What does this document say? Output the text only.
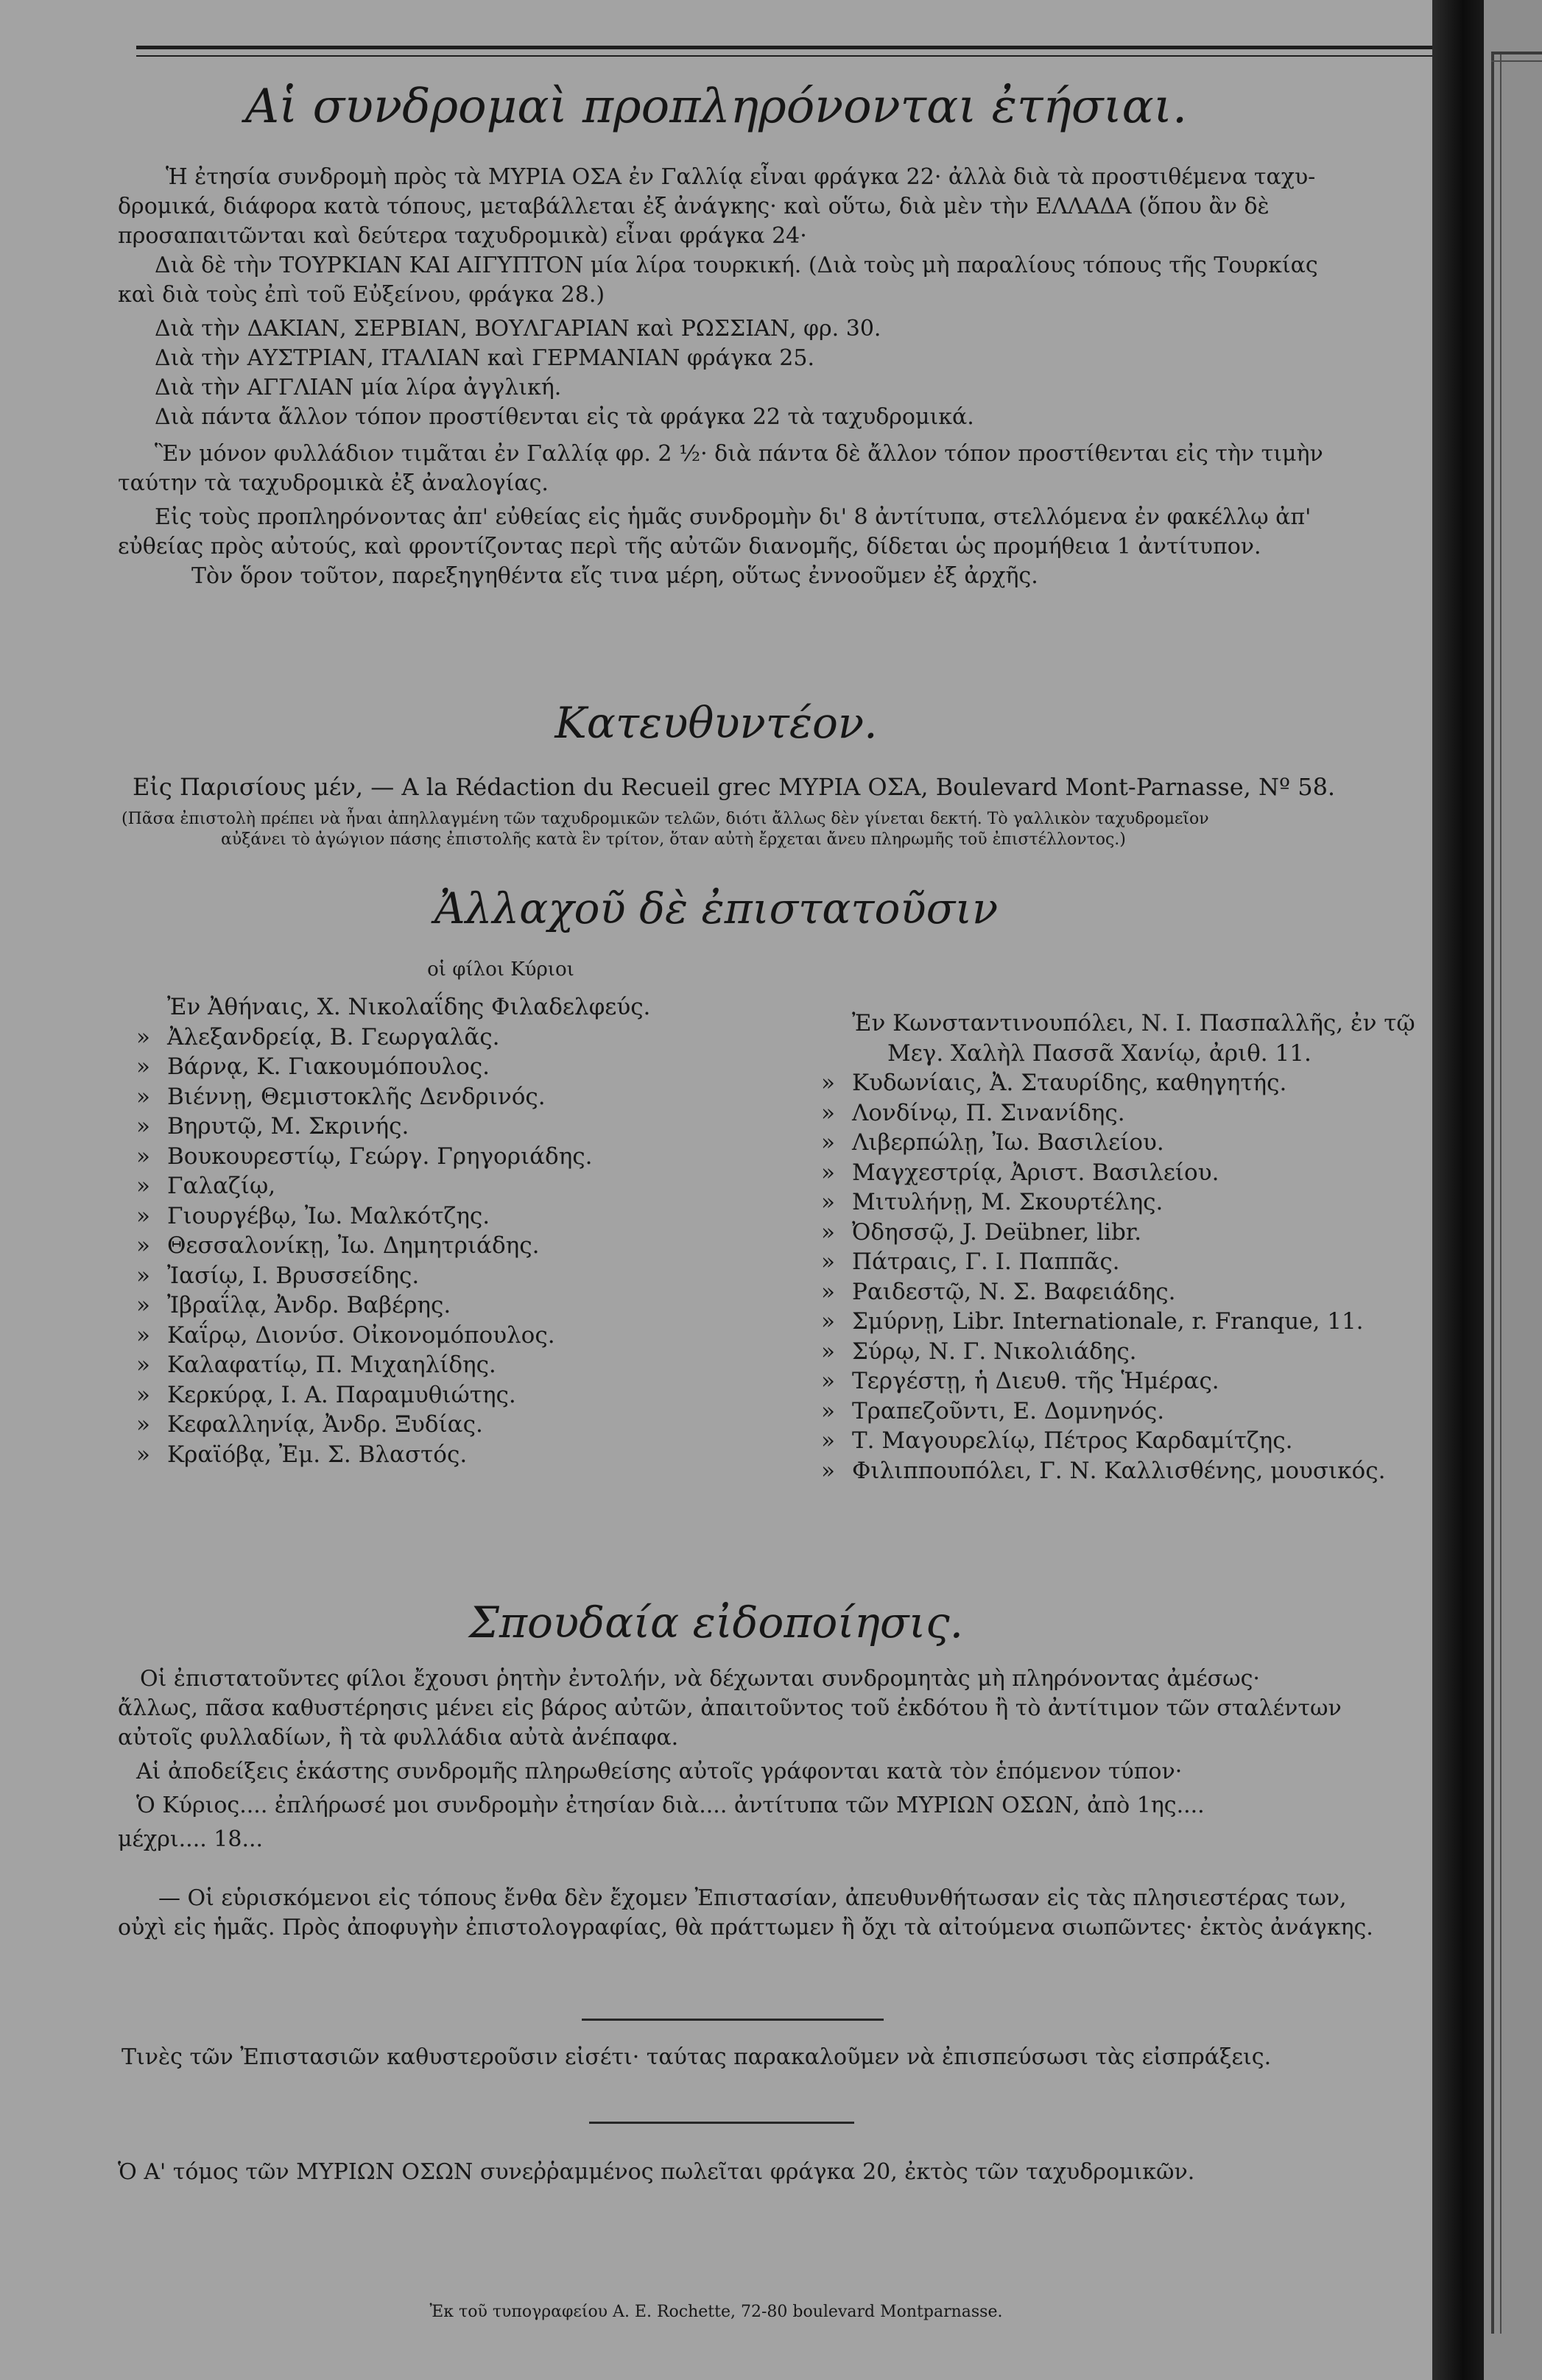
Αἱ συνδρομαὶ προπληρόνονται ἐτήσιαι.

Ἡ ἐτησία συνδρομὴ πρὸς τὰ ΜΥΡΙΑ ΟΣΑ ἐν Γαλλίᾳ εἶναι φράγκα 22· ἀλλὰ διὰ τὰ προστιθέμενα ταχυ-

δρομικά, διάφορα κατὰ τόπους, μεταβάλλεται ἐξ ἀνάγκης· καὶ οὕτω, διὰ μὲν τὴν ΕΛΛΑΔΑ (ὅπου ἂν δὲ

προσαπαιτῶνται καὶ δεύτερα ταχυδρομικὰ) εἶναι φράγκα 24·

Διὰ δὲ τὴν ΤΟΥΡΚΙΑΝ ΚΑΙ ΑΙΓΥΠΤΟΝ μία λίρα τουρκική. (Διὰ τοὺς μὴ παραλίους τόπους τῆς Τουρκίας

καὶ διὰ τοὺς ἐπὶ τοῦ Εὐξείνου, φράγκα 28.)

Διὰ τὴν ΔΑΚΙΑΝ, ΣΕΡΒΙΑΝ, ΒΟΥΛΓΑΡΙΑΝ καὶ ΡΩΣΣΙΑΝ, φρ. 30.

Διὰ τὴν ΑΥΣΤΡΙΑΝ, ΙΤΑΛΙΑΝ καὶ ΓΕΡΜΑΝΙΑΝ φράγκα 25.

Διὰ τὴν ΑΓΓΛΙΑΝ μία λίρα ἀγγλική.

Διὰ πάντα ἄλλον τόπον προστίθενται εἰς τὰ φράγκα 22 τὰ ταχυδρομικά.

Ἓν μόνον φυλλάδιον τιμᾶται ἐν Γαλλίᾳ φρ. 2 ½· διὰ πάντα δὲ ἄλλον τόπον προστίθενται εἰς τὴν τιμὴν

ταύτην τὰ ταχυδρομικὰ ἐξ ἀναλογίας.

Εἰς τοὺς προπληρόνοντας ἀπ' εὐθείας εἰς ἡμᾶς συνδρομὴν δι' 8 ἀντίτυπα, στελλόμενα ἐν φακέλλῳ ἀπ'

εὐθείας πρὸς αὐτούς, καὶ φροντίζοντας περὶ τῆς αὐτῶν διανομῆς, δίδεται ὡς προμήθεια 1 ἀντίτυπον.

Τὸν ὅρον τοῦτον, παρεξηγηθέντα εἴς τινα μέρη, οὕτως ἐννοοῦμεν ἐξ ἀρχῆς.

Κατευθυντέον.

Εἰς Παρισίους μέν, — A la Rédaction du Recueil grec ΜΥΡΙΑ ΟΣΑ, Boulevard Mont-Parnasse, Nº 58.

(Πᾶσα ἐπιστολὴ πρέπει νὰ ἦναι ἀπηλλαγμένη τῶν ταχυδρομικῶν τελῶν, διότι ἄλλως δὲν γίνεται δεκτή. Τὸ γαλλικὸν ταχυδρομεῖον

αὐξάνει τὸ ἀγώγιον πάσης ἐπιστολῆς κατὰ ἓν τρίτον, ὅταν αὐτὴ ἔρχεται ἄνευ πληρωμῆς τοῦ ἐπιστέλλοντος.)

Ἀλλαχοῦ δὲ ἐπιστατοῦσιν
οἱ φίλοι Κύριοι
Ἐν Ἀθήναις, Χ. Νικολαΐδης Φιλαδελφεύς.
» Ἀλεξανδρείᾳ, Β. Γεωργαλᾶς.
» Βάρνᾳ, Κ. Γιακουμόπουλος.
» Βιέννῃ, Θεμιστοκλῆς Δενδρινός.
» Βηρυτῷ, Μ. Σκρινής.
» Βουκουρεστίῳ, Γεώργ. Γρηγοριάδης.
» Γαλαζίῳ,
» Γιουργέβῳ, Ἰω. Μαλκότζης.
» Θεσσαλονίκῃ, Ἰω. Δημητριάδης.
» Ἰασίῳ, Ι. Βρυσσείδης.
» Ἰβραΐλᾳ, Ἀνδρ. Βαβέρης.
» Καΐρῳ, Διονύσ. Οἰκονομόπουλος.
» Καλαφατίῳ, Π. Μιχαηλίδης.
» Κερκύρᾳ, Ι. Α. Παραμυθιώτης.
» Κεφαλληνίᾳ, Ἀνδρ. Ξυδίας.
» Κραϊόβᾳ, Ἐμ. Σ. Βλαστός.
Ἐν Κωνσταντινουπόλει, Ν. Ι. Πασπαλλῆς, ἐν τῷ
Μεγ. Χαλὴλ Πασσᾶ Χανίῳ, ἀριθ. 11.
» Κυδωνίαις, Ἀ. Σταυρίδης, καθηγητής.
» Λονδίνῳ, Π. Σινανίδης.
» Λιβερπώλῃ, Ἰω. Βασιλείου.
» Μαγχεστρίᾳ, Ἀριστ. Βασιλείου.
» Μιτυλήνῃ, Μ. Σκουρτέλης.
» Ὀδησσῷ, J. Deübner, libr.
» Πάτραις, Γ. Ι. Παππᾶς.
» Ραιδεστῷ, Ν. Σ. Βαφειάδης.
» Σμύρνῃ, Libr. Internationale, r. Franque, 11.
» Σύρῳ, Ν. Γ. Νικολιάδης.
» Τεργέστῃ, ἡ Διευθ. τῆς Ἡμέρας.
» Τραπεζοῦντι, Ε. Δομνηνός.
» Τ. Μαγουρελίῳ, Πέτρος Καρδαμίτζης.
» Φιλιππουπόλει, Γ. Ν. Καλλισθένης, μουσικός.
Σπουδαία εἰδοποίησις.

Οἱ ἐπιστατοῦντες φίλοι ἔχουσι ῥητὴν ἐντολήν, νὰ δέχωνται συνδρομητὰς μὴ πληρόνοντας ἀμέσως·

ἄλλως, πᾶσα καθυστέρησις μένει εἰς βάρος αὐτῶν, ἀπαιτοῦντος τοῦ ἐκδότου ἢ τὸ ἀντίτιμον τῶν σταλέντων

αὐτοῖς φυλλαδίων, ἢ τὰ φυλλάδια αὐτὰ ἀνέπαφα.

Αἱ ἀποδείξεις ἑκάστης συνδρομῆς πληρωθείσης αὐτοῖς γράφονται κατὰ τὸν ἑπόμενον τύπον·

Ὁ Κύριος.... ἐπλήρωσέ μοι συνδρομὴν ἐτησίαν διὰ.... ἀντίτυπα τῶν ΜΥΡΙΩΝ ΟΣΩΝ, ἀπὸ 1ης....

μέχρι.... 18...

— Οἱ εὑρισκόμενοι εἰς τόπους ἔνθα δὲν ἔχομεν Ἐπιστασίαν, ἀπευθυνθήτωσαν εἰς τὰς πλησιεστέρας των,

οὐχὶ εἰς ἡμᾶς. Πρὸς ἀποφυγὴν ἐπιστολογραφίας, θὰ πράττωμεν ἢ ὄχι τὰ αἰτούμενα σιωπῶντες· ἐκτὸς ἀνάγκης.

Τινὲς τῶν Ἐπιστασιῶν καθυστεροῦσιν εἰσέτι· ταύτας παρακαλοῦμεν νὰ ἐπισπεύσωσι τὰς εἰσπράξεις.

Ὁ Α' τόμος τῶν ΜΥΡΙΩΝ ΟΣΩΝ συνεῤῥαμμένος πωλεῖται φράγκα 20, ἐκτὸς τῶν ταχυδρομικῶν.

Ἐκ τοῦ τυπογραφείου A. E. Rochette, 72-80 boulevard Montparnasse.
